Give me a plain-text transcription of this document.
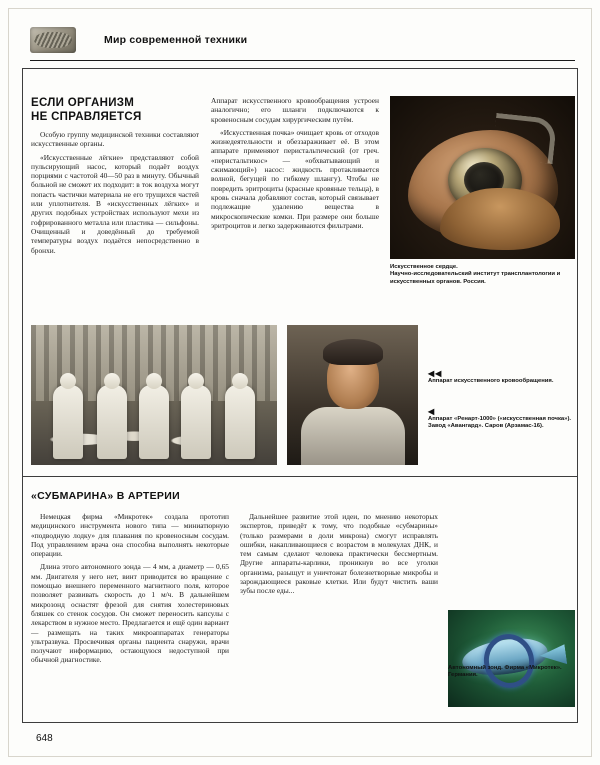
Мир современной техники
ЕСЛИ ОРГАНИЗМ
НЕ СПРАВЛЯЕТСЯ

Особую группу медицинской техники составляют искусственные органы.

«Искусственные лёгкие» представляют собой пульсирующий насос, который подаёт воздух порциями с частотой 40—50 раз в минуту. Обычный больной не сможет их подходит: в ток воздуха могут попасть частички материала не его трущихся частей или уплотнителя. В «искусственных лёгких» и других подобных устройствах используют мехи из гофрированного металла или пластика — сильфоны. Очищенный и доведённый до требуемой температуры воздух подаётся непосредственно в бронхи.

Аппарат искусственного кровообращения устроен аналогично; его шланги подключаются к кровеносным сосудам хирургическим путём.

«Искусственная почка» очищает кровь от отходов жизнедеятельности и обеззараживает её. В этом аппарате применяют перистальтический (от греч. «перистальтикос» — «обхватывающий и сжимающий») насос: жидкость протакливается волной, бегущей по гибкому шлангу). Чтобы не повредить эритроциты (красные кровяные тельца), в кровь сначала добавляют состав, который связывает подлежащие удалению вещества в микроскопические комки. При размере они больше эритроцитов и легко задерживаются фильтрами.

Искусственное сердце.
Научно-исследовательский институт трансплантологии и искусственных органов. Россия.
◀◀
Аппарат искусственного кровообращения.
◀
Аппарат «Ренарт-1000» («искусственная почка»). Завод «Авангард». Саров (Арзамас-16).
«СУБМАРИНА» В АРТЕРИИ

Немецкая фирма «Микротек» создала прототип медицинского инструмента нового типа — миниатюрную «подводную лодку» для плавания по кровеносным сосудам. Под управлением врача она способна выполнять некоторые операции.

Длина этого автономного зонда — 4 мм, а диаметр — 0,65 мм. Двигателя у него нет, винт приводится во вращение с помощью внешнего переменного магнитного поля, которое позволяет развивать скорость до 1 м/ч. В дальнейшем микрозонд оснастят фрезой для снятия холестериновых бляшек со стенок сосудов. Он сможет переносить капсулы с лекарством в нужное место. Предлагается и ещё один вариант — размещать на таких микроаппаратах генераторы ультразвука. Просвечивая органы пациента снаружи, врачи получают информацию, остающуюся недоступной при обычной диагностике.

Дальнейшее развитие этой идеи, по мнению некоторых экспертов, приведёт к тому, что подобные «субмарины» (только размерами в доли микрона) смогут исправлять ошибки, накапливающиеся с возрастом в молекулах ДНК, и тем самым сделают человека практически бессмертным. Другие аппараты-карлики, проникнув во все уголки организма, разыщут и уничтожат болезнетворные микробы и зарождающиеся раковые клетки. Или будут чистить ваши зубы после еды...

Автономный зонд. Фирма «Микротек». Германия.
648
